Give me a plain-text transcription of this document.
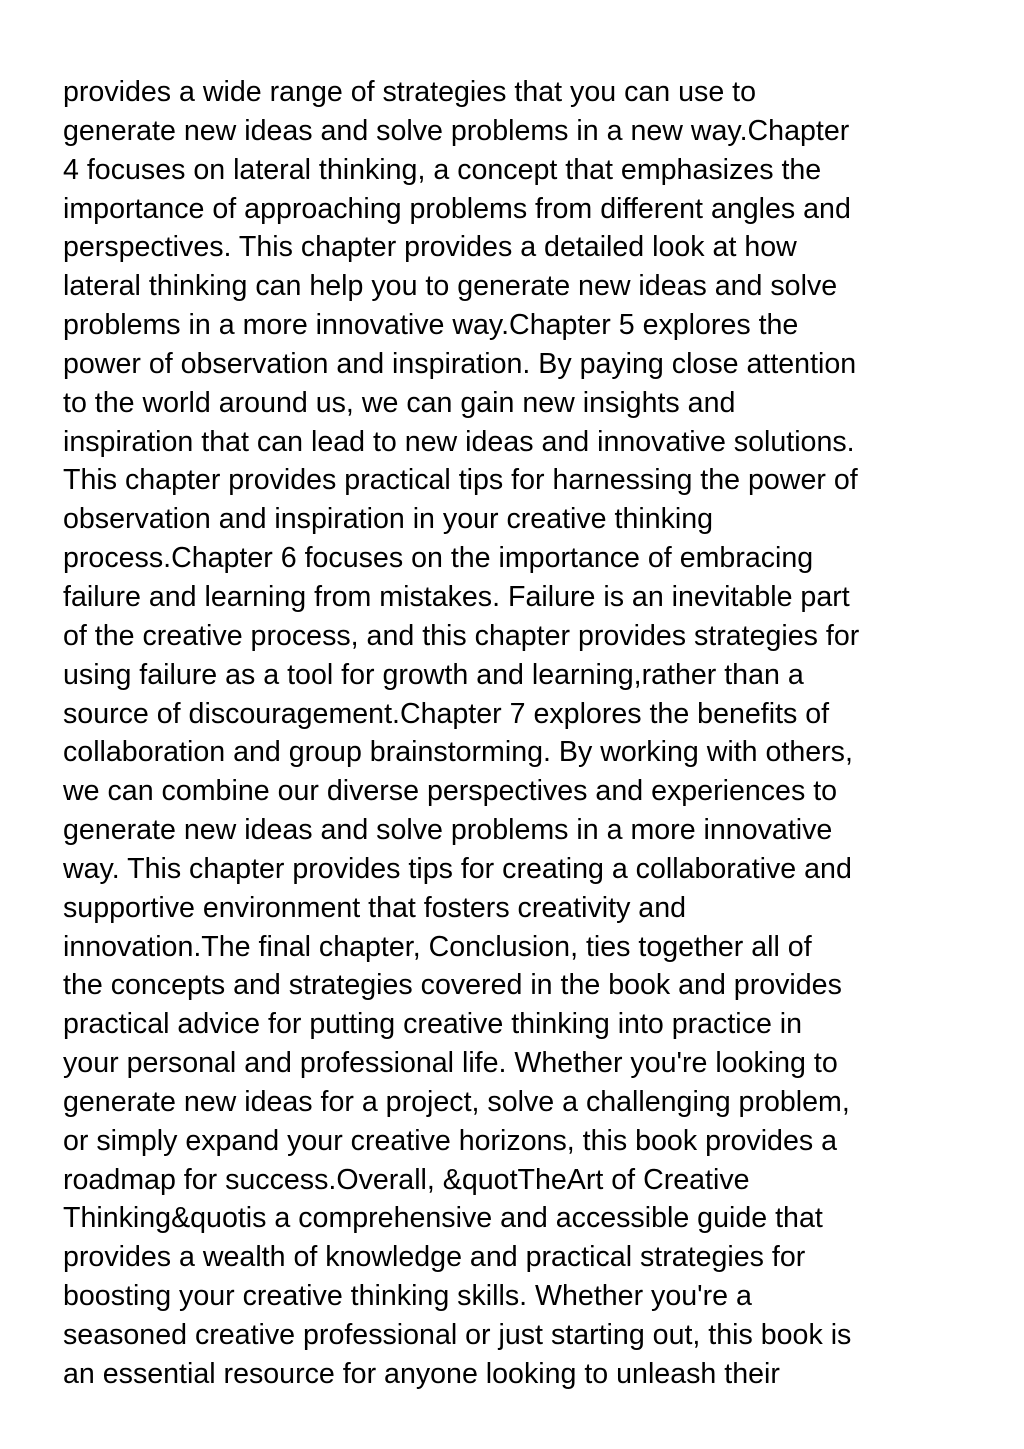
provides a wide range of strategies that you can use to
generate new ideas and solve problems in a new way.Chapter
4 focuses on lateral thinking, a concept that emphasizes the
importance of approaching problems from different angles and
perspectives. This chapter provides a detailed look at how
lateral thinking can help you to generate new ideas and solve
problems in a more innovative way.Chapter 5 explores the
power of observation and inspiration. By paying close attention
to the world around us, we can gain new insights and
inspiration that can lead to new ideas and innovative solutions.
This chapter provides practical tips for harnessing the power of
observation and inspiration in your creative thinking
process.Chapter 6 focuses on the importance of embracing
failure and learning from mistakes. Failure is an inevitable part
of the creative process, and this chapter provides strategies for
using failure as a tool for growth and learning,rather than a
source of discouragement.Chapter 7 explores the benefits of
collaboration and group brainstorming. By working with others,
we can combine our diverse perspectives and experiences to
generate new ideas and solve problems in a more innovative
way. This chapter provides tips for creating a collaborative and
supportive environment that fosters creativity and
innovation.The final chapter, Conclusion, ties together all of
the concepts and strategies covered in the book and provides
practical advice for putting creative thinking into practice in
your personal and professional life. Whether you're looking to
generate new ideas for a project, solve a challenging problem,
or simply expand your creative horizons, this book provides a
roadmap for success.Overall, &quotTheArt of Creative
Thinking&quotis a comprehensive and accessible guide that
provides a wealth of knowledge and practical strategies for
boosting your creative thinking skills. Whether you're a
seasoned creative professional or just starting out, this book is
an essential resource for anyone looking to unleash their
